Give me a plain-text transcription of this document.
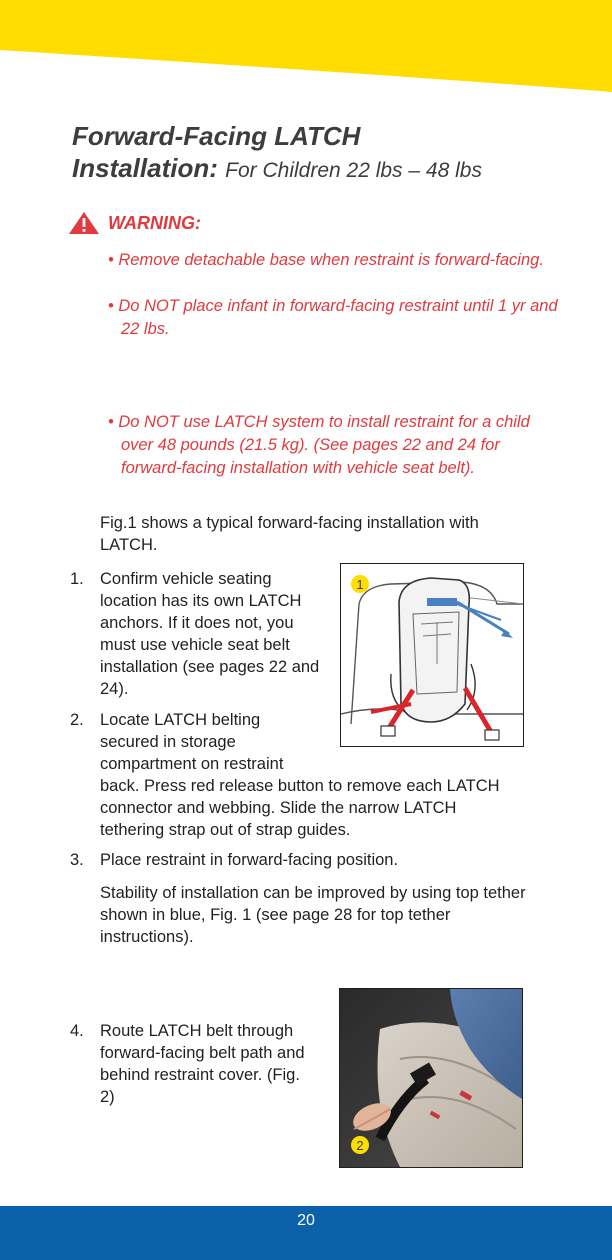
Forward-Facing LATCH
Installation: For Children 22 lbs – 48 lbs
WARNING:
• Remove detachable base when restraint is forward-facing.
• Do NOT place infant in forward-facing restraint until 1 yr and 22 lbs.
• Do NOT use LATCH system to install restraint for a child over 48 pounds (21.5 kg). (See pages 22 and 24 for forward-facing installation with vehicle seat belt).
Fig.1 shows a typical forward-facing installation with LATCH.
1. Confirm vehicle seating location has its own LATCH anchors. If it does not, you must use vehicle seat belt installation (see pages 22 and 24).
1
2. Locate LATCH belting secured in storage compartment on restraint
back. Press red release button to remove each LATCH connector and webbing. Slide the narrow LATCH tethering strap out of strap guides.
3. Place restraint in forward-facing position.
Stability of installation can be improved by using top tether shown in blue, Fig. 1 (see page 28 for top tether instructions).
4. Route LATCH belt through forward-facing belt path and behind restraint cover. (Fig. 2)
2
20
